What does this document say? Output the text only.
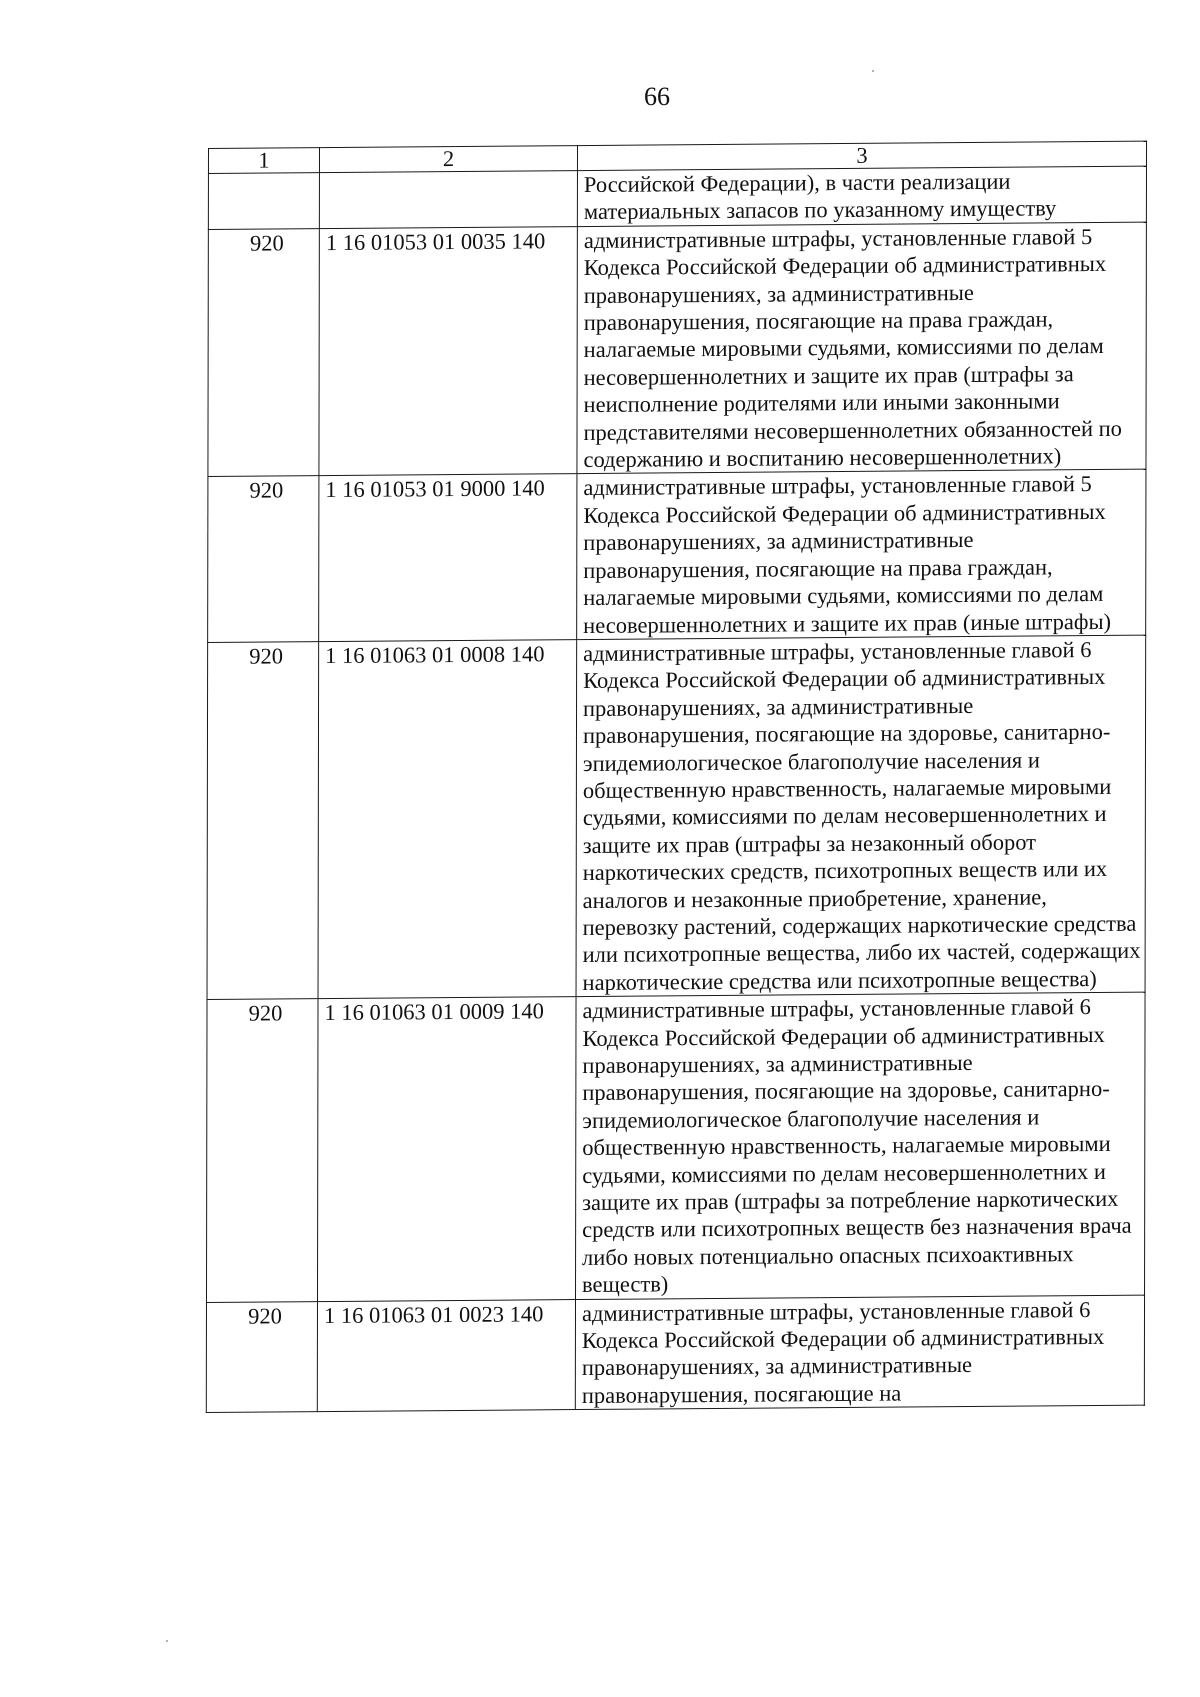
66
1	2	3
		Российской Федерации), в части реализации материальных запасов по указанному имуществу
920	1 16 01053 01 0035 140	административные штрафы, установленные главой 5 Кодекса Российской Федерации об административных правонарушениях, за административные правонарушения, посягающие на права граждан, налагаемые мировыми судьями, комиссиями по делам несовершеннолетних и защите их прав (штрафы за неисполнение родителями или иными законными представителями несовершеннолетних обязанностей по содержанию и воспитанию несовершеннолетних)
920	1 16 01053 01 9000 140	административные штрафы, установленные главой 5 Кодекса Российской Федерации об административных правонарушениях, за административные правонарушения, посягающие на права граждан, налагаемые мировыми судьями, комиссиями по делам несовершеннолетних и защите их прав (иные штрафы)
920	1 16 01063 01 0008 140	административные штрафы, установленные главой 6 Кодекса Российской Федерации об административных правонарушениях, за административные правонарушения, посягающие на здоровье, санитарно-эпидемиологическое благополучие населения и общественную нравственность, налагаемые мировыми судьями, комиссиями по делам несовершеннолетних и защите их прав (штрафы за незаконный оборот наркотических средств, психотропных веществ или их аналогов и незаконные приобретение, хранение, перевозку растений, содержащих наркотические средства или психотропные вещества, либо их частей, содержащих наркотические средства или психотропные вещества)
920	1 16 01063 01 0009 140	административные штрафы, установленные главой 6 Кодекса Российской Федерации об административных правонарушениях, за административные правонарушения, посягающие на здоровье, санитарно-эпидемиологическое благополучие населения и общественную нравственность, налагаемые мировыми судьями, комиссиями по делам несовершеннолетних и защите их прав (штрафы за потребление наркотических средств или психотропных веществ без назначения врача либо новых потенциально опасных психоактивных веществ)
920	1 16 01063 01 0023 140	административные штрафы, установленные главой 6 Кодекса Российской Федерации об административных правонарушениях, за административные правонарушения, посягающие на
